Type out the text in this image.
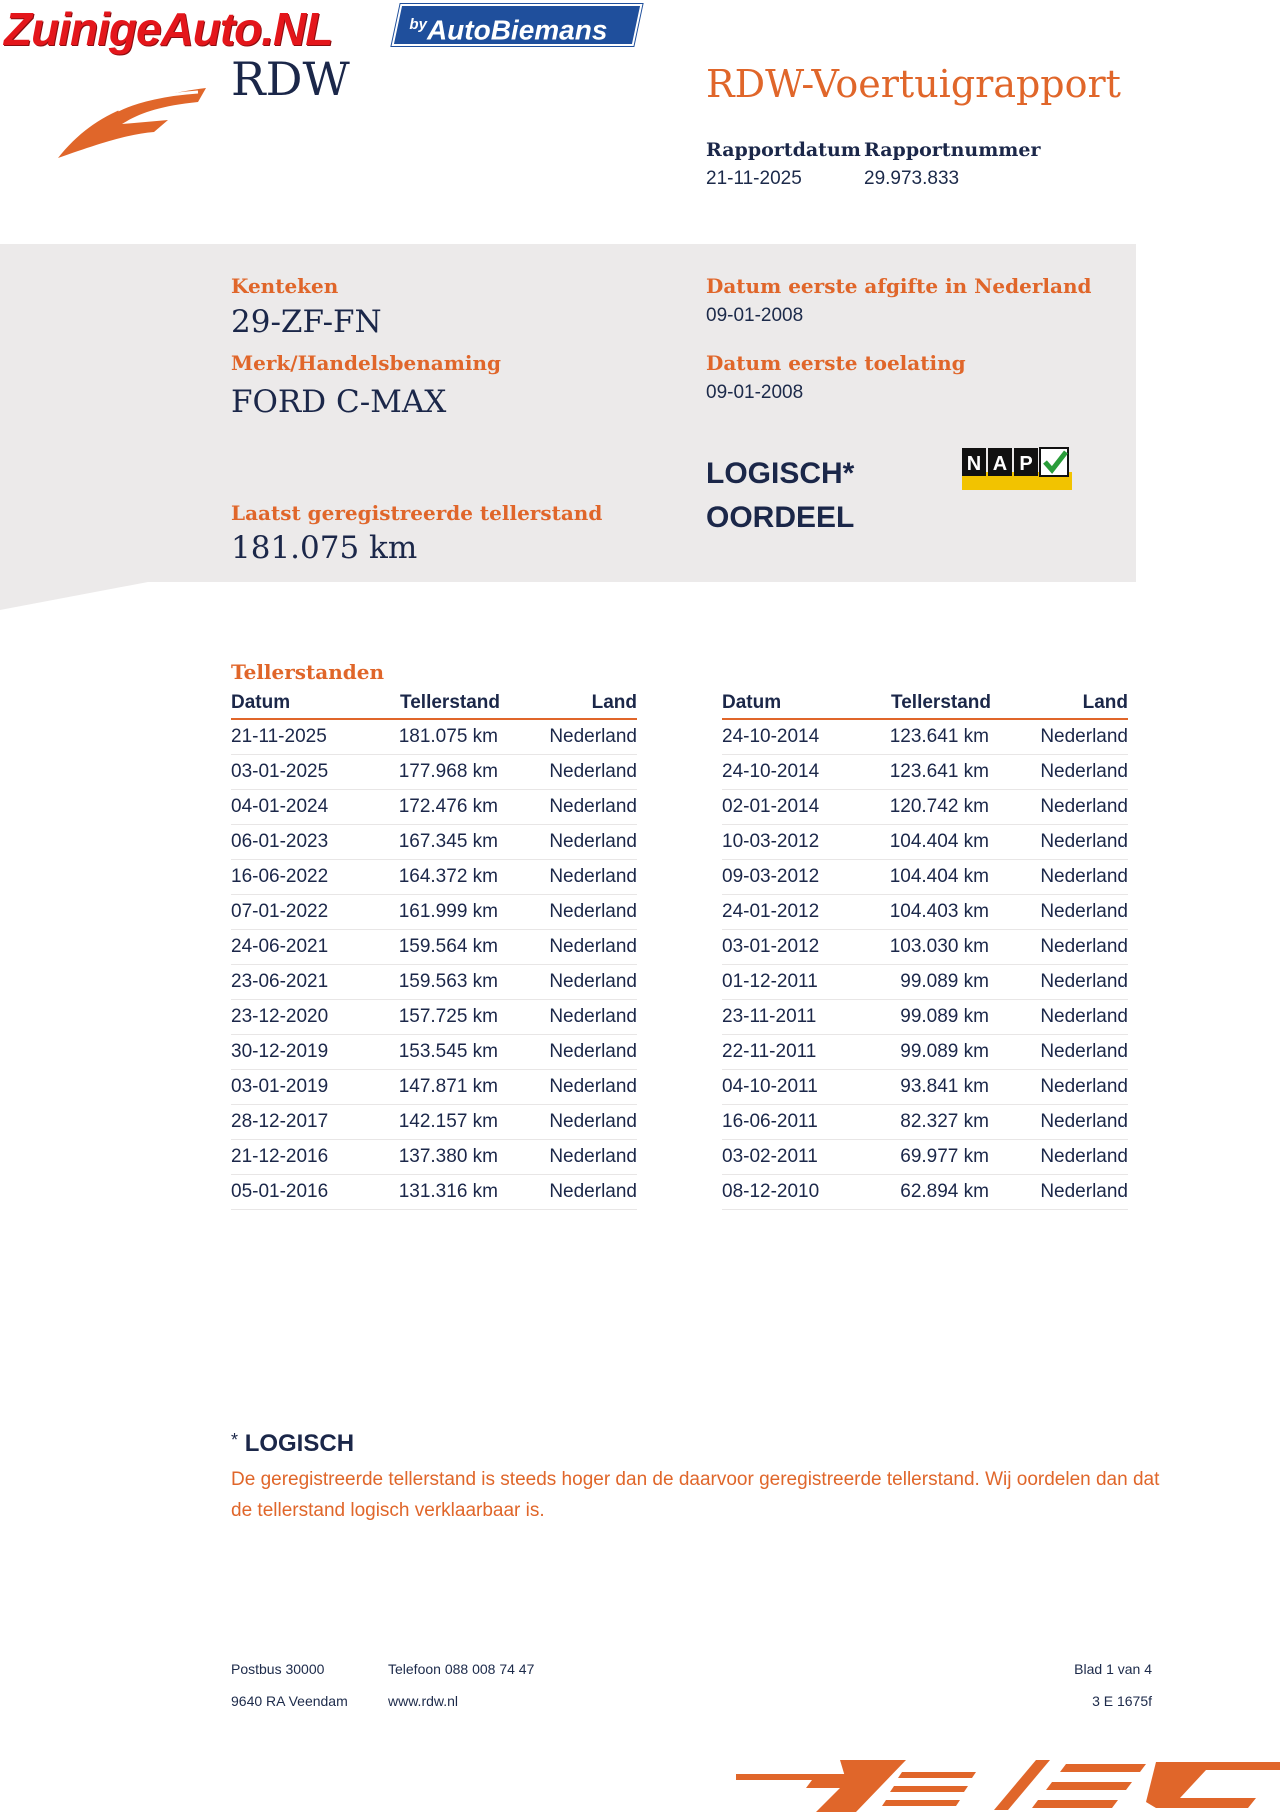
ZuinigeAuto.NL	$^{by}$AutoBiemans
RDW	RDW-Voertuigrapport
Rapportdatum
21-11-2025
Rapportnummer
29.973.833
Kenteken
29-ZF-FN
Merk/Handelsbenaming
FORD C-MAX
Laatst geregistreerde tellerstand
181.075 km
Datum eerste afgifte in Nederland
09-01-2008
Datum eerste toelating
09-01-2008
LOGISCH*
OORDEEL
N A P
Tellerstanden
Datum	Tellerstand	Land
21-11-2025	181.075 km	Nederland
03-01-2025	177.968 km	Nederland
04-01-2024	172.476 km	Nederland
06-01-2023	167.345 km	Nederland
16-06-2022	164.372 km	Nederland
07-01-2022	161.999 km	Nederland
24-06-2021	159.564 km	Nederland
23-06-2021	159.563 km	Nederland
23-12-2020	157.725 km	Nederland
30-12-2019	153.545 km	Nederland
03-01-2019	147.871 km	Nederland
28-12-2017	142.157 km	Nederland
21-12-2016	137.380 km	Nederland
05-01-2016	131.316 km	Nederland
Datum	Tellerstand	Land
24-10-2014	123.641 km	Nederland
24-10-2014	123.641 km	Nederland
02-01-2014	120.742 km	Nederland
10-03-2012	104.404 km	Nederland
09-03-2012	104.404 km	Nederland
24-01-2012	104.403 km	Nederland
03-01-2012	103.030 km	Nederland
01-12-2011	99.089 km	Nederland
23-11-2011	99.089 km	Nederland
22-11-2011	99.089 km	Nederland
04-10-2011	93.841 km	Nederland
16-06-2011	82.327 km	Nederland
03-02-2011	69.977 km	Nederland
08-12-2010	62.894 km	Nederland
* LOGISCH
De geregistreerde tellerstand is steeds hoger dan de daarvoor geregistreerde tellerstand. Wij oordelen dan dat de tellerstand logisch verklaarbaar is.
Postbus 30000
9640 RA Veendam
Telefoon 088 008 74 47
www.rdw.nl
Blad 1 van 4
3 E 1675f
